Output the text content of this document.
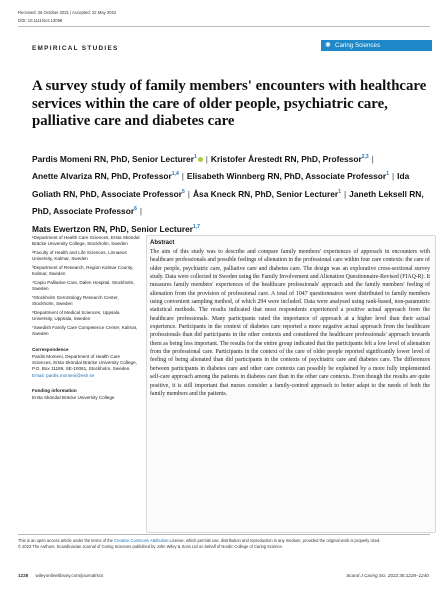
Received: 26 October 2021 | Accepted: 22 May 2022
DOI: 10.1111/scs.13096
EMPIRICAL STUDIES	✺ Caring Sciences
A survey study of family members' encounters with healthcare services within the care of older people, psychiatric care, palliative care and diabetes care
Pardis Momeni RN, PhD, Senior Lecturer$^1$ | Kristofer Årestedt RN, PhD, Professor$^{2,3}$ |
Anette Alvariza RN, PhD, Professor$^{1,4}$ | Elisabeth Winnberg RN, PhD, Associate Professor$^1$ | Ida Goliath RN, PhD, Associate Professor$^5$ | Åsa Kneck RN, PhD, Senior Lecturer$^1$ | Janeth Leksell RN, PhD, Associate Professor$^6$ |
Mats Ewertzon RN, PhD, Senior Lecturer$^{1,7}$
¹Department of Health Care Sciences, Ersta Sköndal Bräcke University College, Stockholm, Sweden
²Faculty of Health and Life Sciences, Linnaeus University, Kalmar, Sweden
³Department of Research, Region Kalmar County, Kalmar, Sweden
⁴Capio Palliative Care, Dalen Hospital, Stockholm, Sweden
⁵Stockholm Gerontology Research Center, Stockholm, Sweden
⁶Department of Medical Sciences, Uppsala University, Uppsala, Sweden
⁷Swedish Family Care Competence Center, Kalmar, Sweden
Correspondence
Pardis Momeni, Department of Health Care Sciences, Ersta Sköndal Bräcke University College, P.O. Box 11189, SE-10061, Stockholm, Sweden.
Email: pardis.momeni@esh.se
Funding information
Ersta Sköndal Bräcke University College
Abstract
The aim of this study was to describe and compare family members' experiences of approach in encounters with healthcare professionals and possible feelings of alienation in the professional care within four care contexts: the care of older people, psychiatric care, palliative care and diabetes care. The design was an explorative cross-sectional survey study. Data were collected in Sweden using the Family Involvement and Alienation Questionnaire-Revised (FIAQ-R). It measures family members' experiences of the healthcare professionals' approach and the family members' feeling of alienation from the provision of professional care. A total of 1047 questionnaires were distributed to family members using convenient sampling method, of which 294 were included. Data were analysed using rank-based, non-parametric statistical methods. The results indicated that most respondents experienced a positive actual approach from the healthcare professionals. Many participants rated the importance of approach at a higher level than their actual experience. Participants in the context of diabetes care reported a more negative actual approach from the healthcare professionals than did participants in the other contexts and considered the healthcare professionals' approach towards them as being less important. The results for the entire group indicated that the participants felt a low level of alienation from the professional care. Participants in the context of the care of older people reported significantly lower level of feeling of being alienated than did participants in the contexts of psychiatric care and diabetes care. The differences between participants in diabetes care and other care contexts can possibly be explained by a more fully implemented self-care approach among the patients in diabetes care than in the other care contexts. Even though the results are quite positive, it is still important that nurses consider a family-centred approach to better adapt to the needs of both the family members and the patients.
This is an open access article under the terms of the Creative Commons Attribution License, which permits use, distribution and reproduction in any medium, provided the original work is properly cited.
© 2022 The Authors. Scandinavian Journal of Caring Sciences published by John Wiley & Sons Ltd on behalf of Nordic College of Caring Science.
1228 wileyonlinelibrary.com/journal/scs	Scand J Caring Sci. 2022;36:1228–1240.
